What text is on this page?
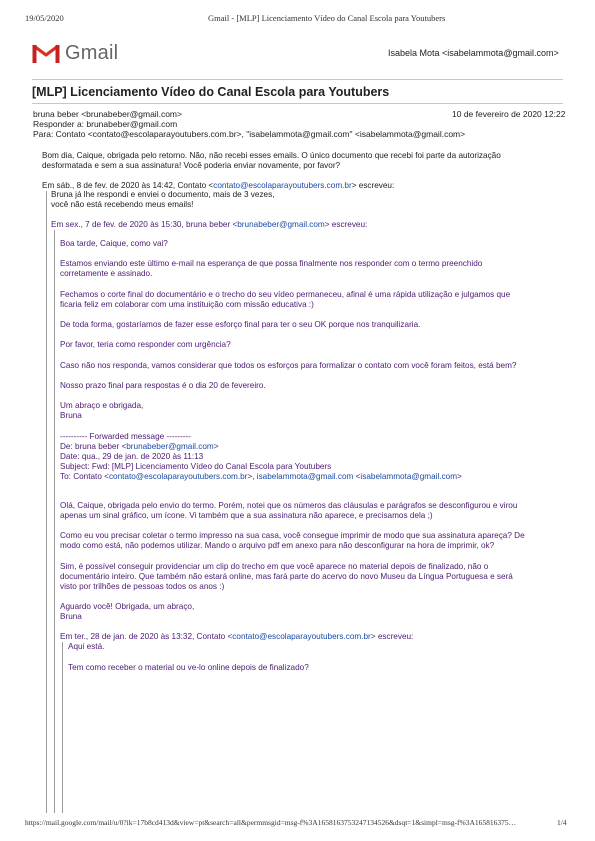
19/05/2020	Gmail - [MLP] Licenciamento Vídeo do Canal Escola para Youtubers
Gmail	Isabela Mota <isabelammota@gmail.com>
[MLP] Licenciamento Vídeo do Canal Escola para Youtubers
bruna beber <brunabeber@gmail.com>	10 de fevereiro de 2020 12:22
Responder a: brunabeber@gmail.com
Para: Contato <contato@escolaparayoutubers.com.br>, "isabelammota@gmail.com" <isabelammota@gmail.com>
Bom dia, Caique, obrigada pelo retorno. Não, não recebi esses emails. O único documento que recebi foi parte da autorização
desformatada e sem a sua assinatura! Você poderia enviar novamente, por favor?
Em sáb., 8 de fev. de 2020 às 14:42, Contato <contato@escolaparayoutubers.com.br> escreveu:
Bruna já lhe respondi e enviei o documento, mais de 3 vezes,
você não está recebendo meus emails!
Em sex., 7 de fev. de 2020 às 15:30, bruna beber <brunabeber@gmail.com> escreveu:
Boa tarde, Caique, como vai?
Estamos enviando este último e-mail na esperança de que possa finalmente nos responder com o termo preenchido
corretamente e assinado.
Fechamos o corte final do documentário e o trecho do seu vídeo permaneceu, afinal é uma rápida utilização e julgamos que
ficaria feliz em colaborar com uma instituição com missão educativa :)
De toda forma, gostaríamos de fazer esse esforço final para ter o seu OK porque nos tranquilizaria.
Por favor, teria como responder com urgência?
Caso não nos responda, vamos considerar que todos os esforços para formalizar o contato com você foram feitos, está bem?
Nosso prazo final para respostas é o dia 20 de fevereiro.
Um abraço e obrigada,
Bruna
---------- Forwarded message ---------
De: bruna beber <brunabeber@gmail.com>
Date: qua., 29 de jan. de 2020 às 11:13
Subject: Fwd: [MLP] Licenciamento Vídeo do Canal Escola para Youtubers
To: Contato <contato@escolaparayoutubers.com.br>, isabelammota@gmail.com <isabelammota@gmail.com>
Olá, Caique, obrigada pelo envio do termo. Porém, notei que os números das cláusulas e parágrafos se desconfigurou e virou
apenas um sinal gráfico, um ícone. Vi também que a sua assinatura não aparece, e precisamos dela ;)
Como eu vou precisar coletar o termo impresso na sua casa, você consegue imprimir de modo que sua assinatura apareça? De
modo como está, não podemos utilizar. Mando o arquivo pdf em anexo para não desconfigurar na hora de imprimir, ok?
Sim, é possível conseguir providenciar um clip do trecho em que você aparece no material depois de finalizado, não o
documentário inteiro. Que também não estará online, mas fará parte do acervo do novo Museu da Língua Portuguesa e será
visto por trilhões de pessoas todos os anos :)
Aguardo você! Obrigada, um abraço,
Bruna
Em ter., 28 de jan. de 2020 às 13:32, Contato <contato@escolaparayoutubers.com.br> escreveu:
Aqui está.
Tem como receber o material ou ve-lo online depois de finalizado?
https://mail.google.com/mail/u/0?ik=17b8cd413d&view=pt&search=all&permmsgid=msg-f%3A1658163753247134526&dsqt=1&simpl=msg-f%3A165816375…	1/4
